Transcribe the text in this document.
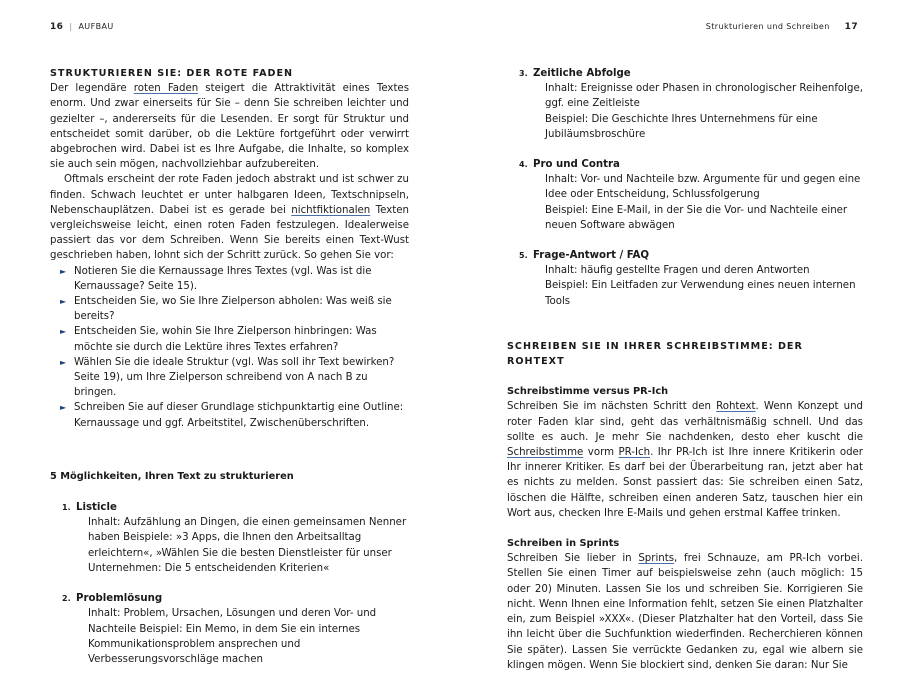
16 | AUFBAU
STRUKTURIEREN SIE: DER ROTE FADEN

Der legendäre roten Faden steigert die Attraktivität eines Textes enorm. Und zwar einerseits für Sie – denn Sie schreiben leichter und gezielter –, andererseits für die Lesenden. Er sorgt für Struktur und entscheidet somit darüber, ob die Lektüre fortgeführt oder verwirrt abgebrochen wird. Dabei ist es Ihre Aufgabe, die Inhalte, so komplex sie auch sein mögen, nachvollziehbar aufzubereiten.

Oftmals erscheint der rote Faden jedoch abstrakt und ist schwer zu finden. Schwach leuchtet er unter halbgaren Ideen, Textschnipseln, Nebenschauplätzen. Dabei ist es gerade bei nichtfiktionalen Texten vergleichsweise leicht, einen roten Faden festzulegen. Idealerweise passiert das vor dem Schreiben. Wenn Sie bereits einen Text-Wust geschrieben haben, lohnt sich der Schritt zurück. So gehen Sie vor:

► Notieren Sie die Kernaussage Ihres Textes (vgl. Was ist die Kernaussage? Seite 15).
► Entscheiden Sie, wo Sie Ihre Zielperson abholen: Was weiß sie bereits?
► Entscheiden Sie, wohin Sie Ihre Zielperson hinbringen: Was möchte sie durch die Lektüre ihres Textes erfahren?
► Wählen Sie die ideale Struktur (vgl. Was soll ihr Text bewirken? Seite 19), um Ihre Zielperson schreibend von A nach B zu bringen.
► Schreiben Sie auf dieser Grundlage stichpunktartig eine Outline: Kernaussage und ggf. Arbeitstitel, Zwischenüberschriften.
5 Möglichkeiten, Ihren Text zu strukturieren
1. Listicle
Inhalt: Aufzählung an Dingen, die einen gemeinsamen Nenner haben Beispiele: »3 Apps, die Ihnen den Arbeitsalltag erleichtern«, »Wählen Sie die besten Dienstleister für unser Unternehmen: Die 5 entscheidenden Kriterien«
2. Problemlösung
Inhalt: Problem, Ursachen, Lösungen und deren Vor- und Nachteile Beispiel: Ein Memo, in dem Sie ein internes Kommunikationsproblem ansprechen und Verbesserungsvorschläge machen
Strukturieren und Schreiben 17
3. Zeitliche Abfolge
Inhalt: Ereignisse oder Phasen in chronologischer Reihenfolge, ggf. eine Zeitleiste
Beispiel: Die Geschichte Ihres Unternehmens für eine Jubiläumsbroschüre
4. Pro und Contra
Inhalt: Vor- und Nachteile bzw. Argumente für und gegen eine Idee oder Entscheidung, Schlussfolgerung
Beispiel: Eine E-Mail, in der Sie die Vor- und Nachteile einer neuen Software abwägen
5. Frage-Antwort / FAQ
Inhalt: häufig gestellte Fragen und deren Antworten
Beispiel: Ein Leitfaden zur Verwendung eines neuen internen Tools
SCHREIBEN SIE IN IHRER SCHREIBSTIMME: DER ROHTEXT
Schreibstimme versus PR-Ich

Schreiben Sie im nächsten Schritt den Rohtext. Wenn Konzept und roter Faden klar sind, geht das verhältnismäßig schnell. Und das sollte es auch. Je mehr Sie nachdenken, desto eher kuscht die Schreibstimme vorm PR-Ich. Ihr PR-Ich ist Ihre innere Kritikerin oder Ihr innerer Kritiker. Es darf bei der Überarbeitung ran, jetzt aber hat es nichts zu melden. Sonst passiert das: Sie schreiben einen Satz, löschen die Hälfte, schreiben einen anderen Satz, tauschen hier ein Wort aus, checken Ihre E-Mails und gehen erstmal Kaffee trinken.

Schreiben in Sprints

Schreiben Sie lieber in Sprints, frei Schnauze, am PR-Ich vorbei. Stellen Sie einen Timer auf beispielsweise zehn (auch möglich: 15 oder 20) Minuten. Lassen Sie los und schreiben Sie. Korrigieren Sie nicht. Wenn Ihnen eine Information fehlt, setzen Sie einen Platzhalter ein, zum Beispiel »XXX«. (Dieser Platzhalter hat den Vorteil, dass Sie ihn leicht über die Suchfunktion wiederfinden. Recherchieren können Sie später). Lassen Sie verrückte Gedanken zu, egal wie albern sie klingen mögen. Wenn Sie blockiert sind, denken Sie daran: Nur Sie
